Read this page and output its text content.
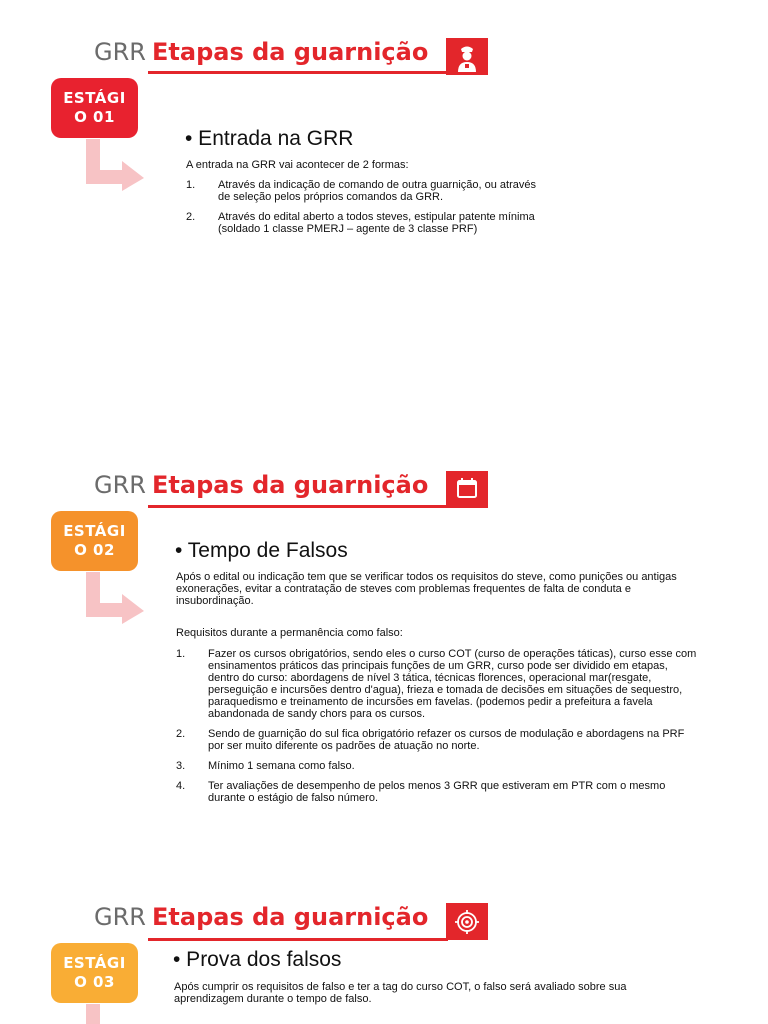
GRR Etapas da guarnição
ESTÁGI
O 01
• Entrada na GRR
A entrada na GRR vai acontecer de 2 formas:
1. Através da indicação de comando de outra guarnição, ou através de seleção pelos próprios comandos da GRR.
2. Através do edital aberto a todos steves, estipular patente mínima (soldado 1 classe PMERJ – agente de 3 classe PRF)
GRR Etapas da guarnição
ESTÁGI
O 02	• Tempo de Falsos
Após o edital ou indicação tem que se verificar todos os requisitos do steve, como punições ou antigas exonerações, evitar a contratação de steves com problemas frequentes de falta de conduta e insubordinação.
Requisitos durante a permanência como falso:
1. Fazer os cursos obrigatórios, sendo eles o curso COT (curso de operações táticas), curso esse com ensinamentos práticos das principais funções de um GRR, curso pode ser dividido em etapas, dentro do curso: abordagens de nível 3 tática, técnicas florences, operacional mar(resgate, perseguição e incursões dentro d'agua), frieza e tomada de decisões em situações de sequestro, paraquedismo e treinamento de incursões em favelas. (podemos pedir a prefeitura a favela abandonada de sandy chors para os cursos.
2. Sendo de guarnição do sul fica obrigatório refazer os cursos de modulação e abordagens na PRF por ser muito diferente os padrões de atuação no norte.
3. Mínimo 1 semana como falso.
4. Ter avaliações de desempenho de pelos menos 3 GRR que estiveram em PTR com o mesmo durante o estágio de falso número.
GRR Etapas da guarnição
ESTÁGI
O 03
• Prova dos falsos
Após cumprir os requisitos de falso e ter a tag do curso COT, o falso será avaliado sobre sua aprendizagem durante o tempo de falso.
